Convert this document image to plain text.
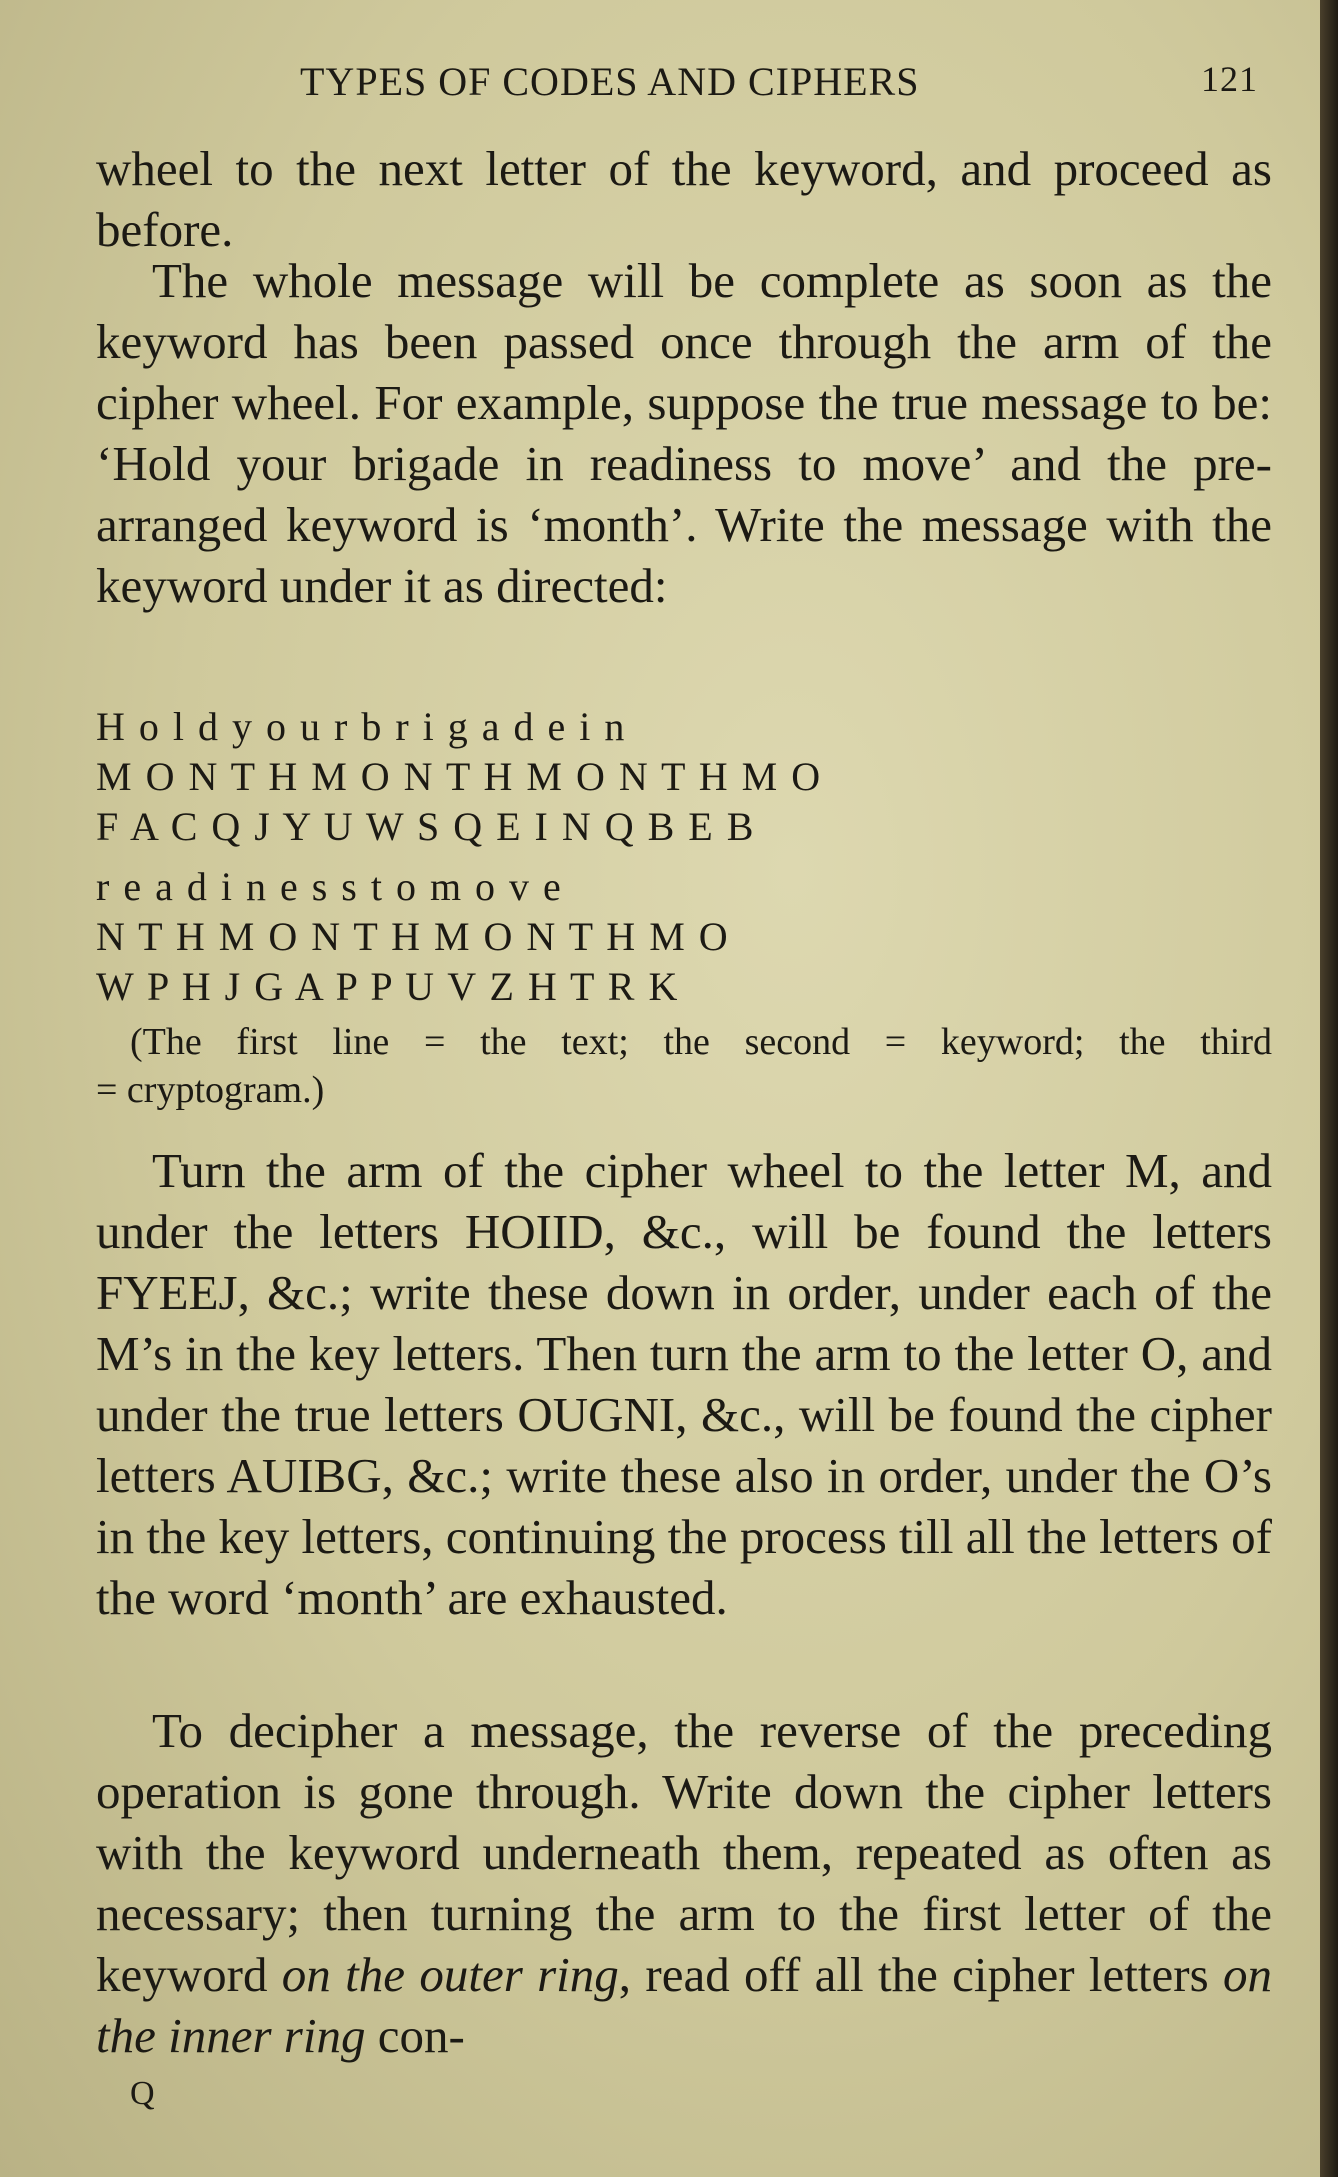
TYPES OF CODES AND CIPHERS	121
wheel to the next letter of the keyword, and proceed as before.
The whole message will be complete as soon as the keyword has been passed once through the arm of the cipher wheel. For example, suppose the true message to be: ‘Hold your brigade in readiness to move’ and the pre-arranged keyword is ‘month’. Write the message with the keyword under it as directed:
H o l d y o u r b r i g a d e i n
M O N T H M O N T H M O N T H M O
F A C Q J Y U W S Q E I N Q B E B
r e a d i n e s s t o m o v e
N T H M O N T H M O N T H M O
W P H J G A P P U V Z H T R K
(The first line = the text; the second = keyword; the third
= cryptogram.)
Turn the arm of the cipher wheel to the letter M, and under the letters HOIID, &c., will be found the letters FYEEJ, &c.; write these down in order, under each of the M’s in the key letters. Then turn the arm to the letter O, and under the true letters OUGNI, &c., will be found the cipher letters AUIBG, &c.; write these also in order, under the O’s in the key letters, continuing the process till all the letters of the word ‘month’ are exhausted.
To decipher a message, the reverse of the preceding operation is gone through. Write down the cipher letters with the keyword underneath them, repeated as often as necessary; then turning the arm to the first letter of the keyword on the outer ring, read off all the cipher letters on the inner ring con-
Q
